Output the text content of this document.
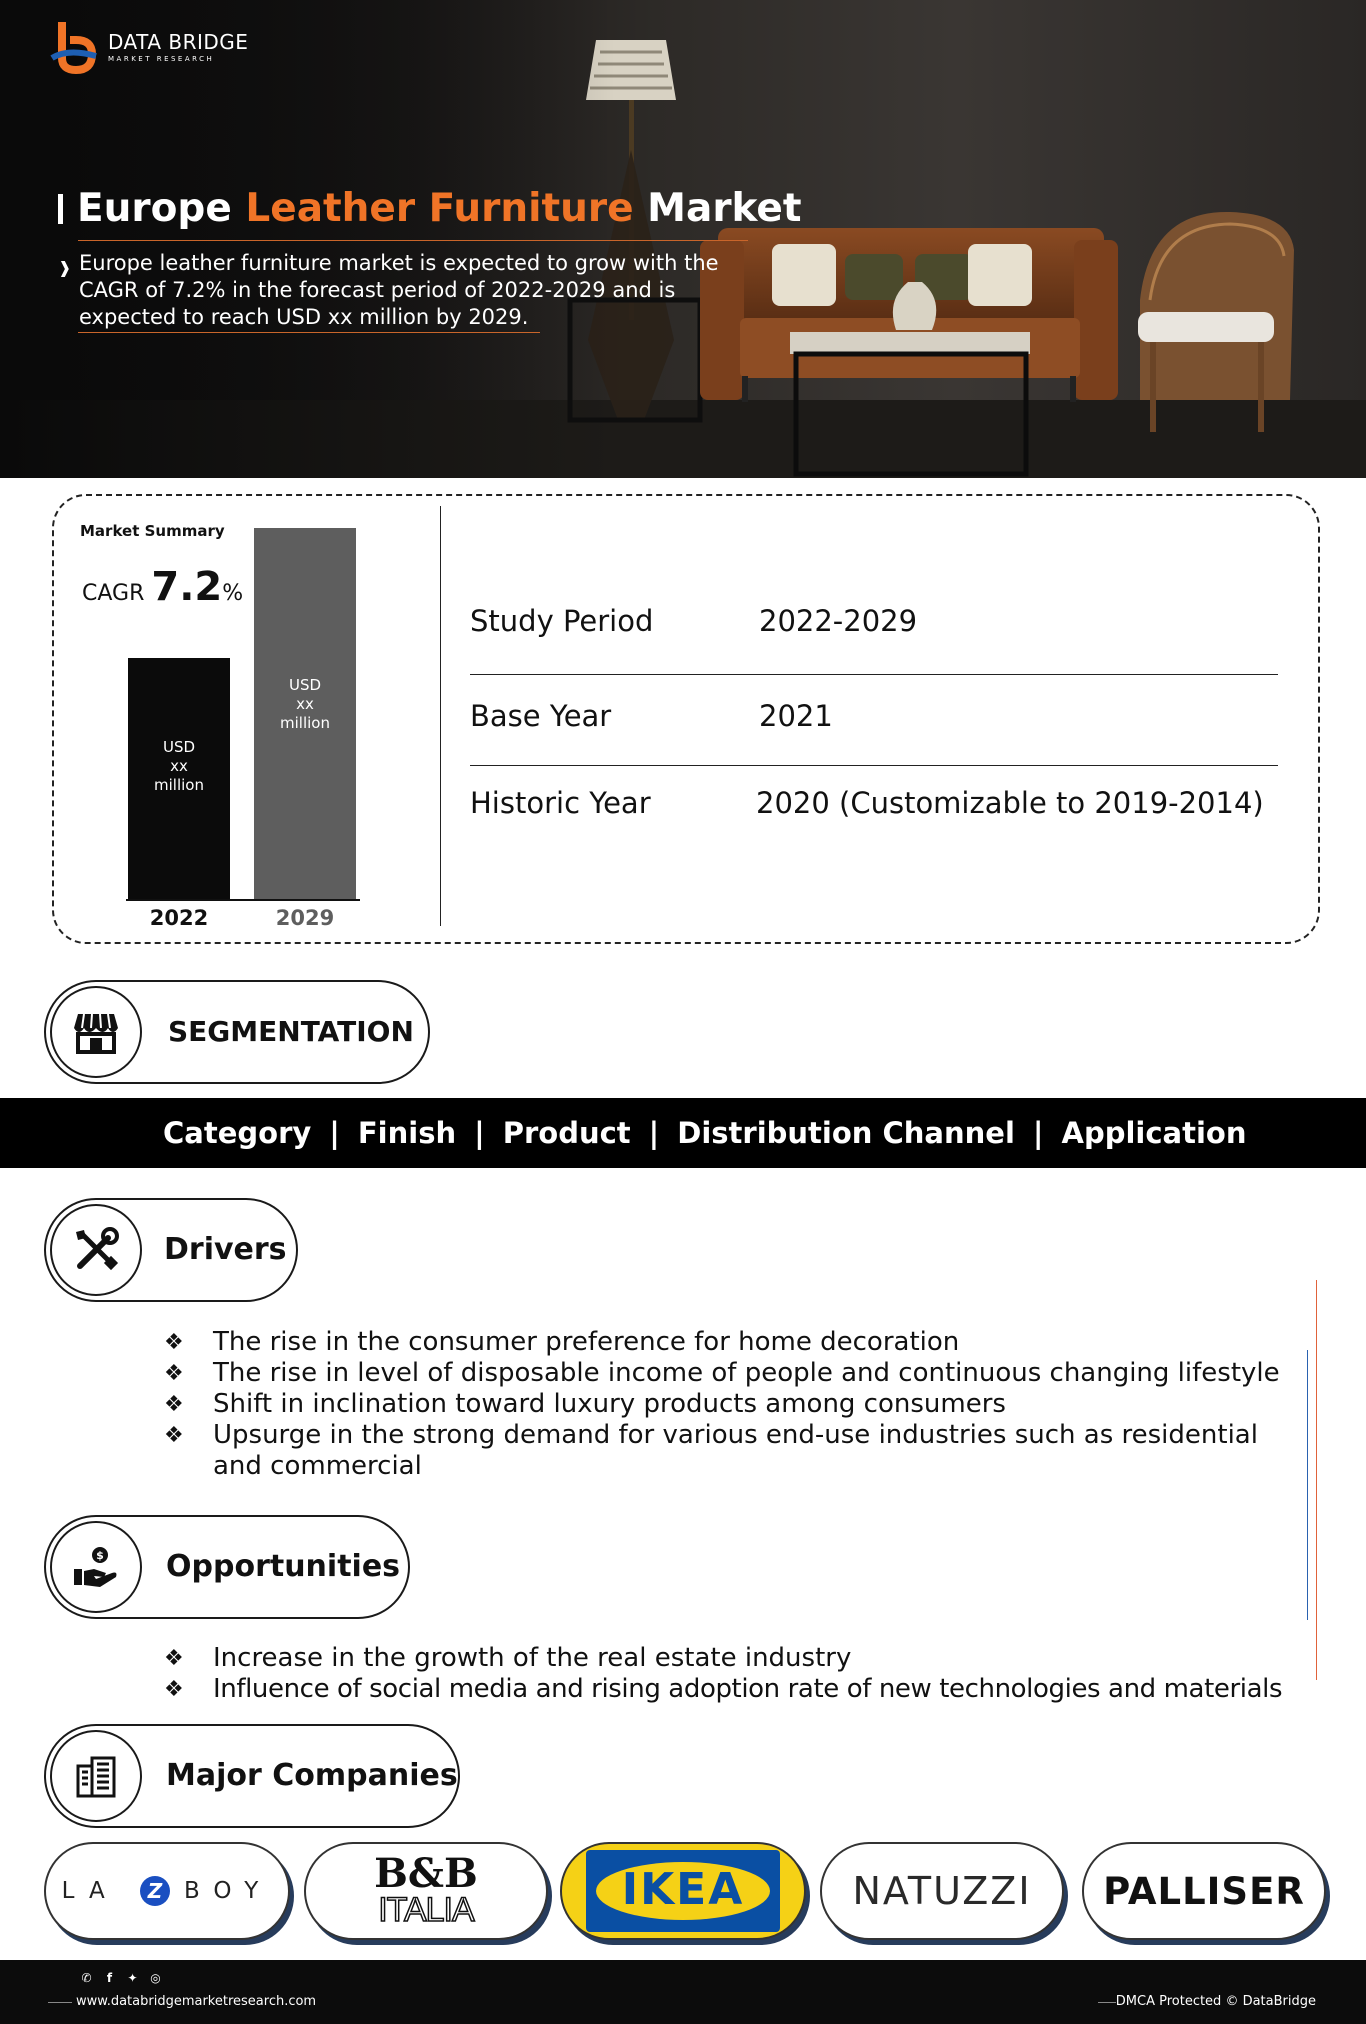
DATA BRIDGE
MARKET RESEARCH
Europe Leather Furniture Market
❱ Europe leather furniture market is expected to grow with the CAGR of 7.2% in the forecast period of 2022-2029 and is expected to reach USD xx million by 2029.
Market Summary
CAGR 7.2%
USD
xx
million
USD
xx
million
2022	2029
Study Period	2022-2029
Base Year	2021
Historic Year	2020 (Customizable to 2019-2014)
SEGMENTATION
Category | Finish | Product | Distribution Channel | Application
Drivers
❖ The rise in the consumer preference for home decoration
❖ The rise in level of disposable income of people and continuous changing lifestyle
❖ Shift in inclination toward luxury products among consumers
❖ Upsurge in the strong demand for various end-use industries such as residential and commercial
$ Opportunities
❖ Increase in the growth of the real estate industry
❖ Influence of social media and rising adoption rate of new technologies and materials
Major Companies
LA Z BOY	B&B
ITALIA	IKEA	NATUZZI PALLISER
✆	f	✦ ◎
www.databridgemarketresearch.com	DMCA Protected © DataBridge
